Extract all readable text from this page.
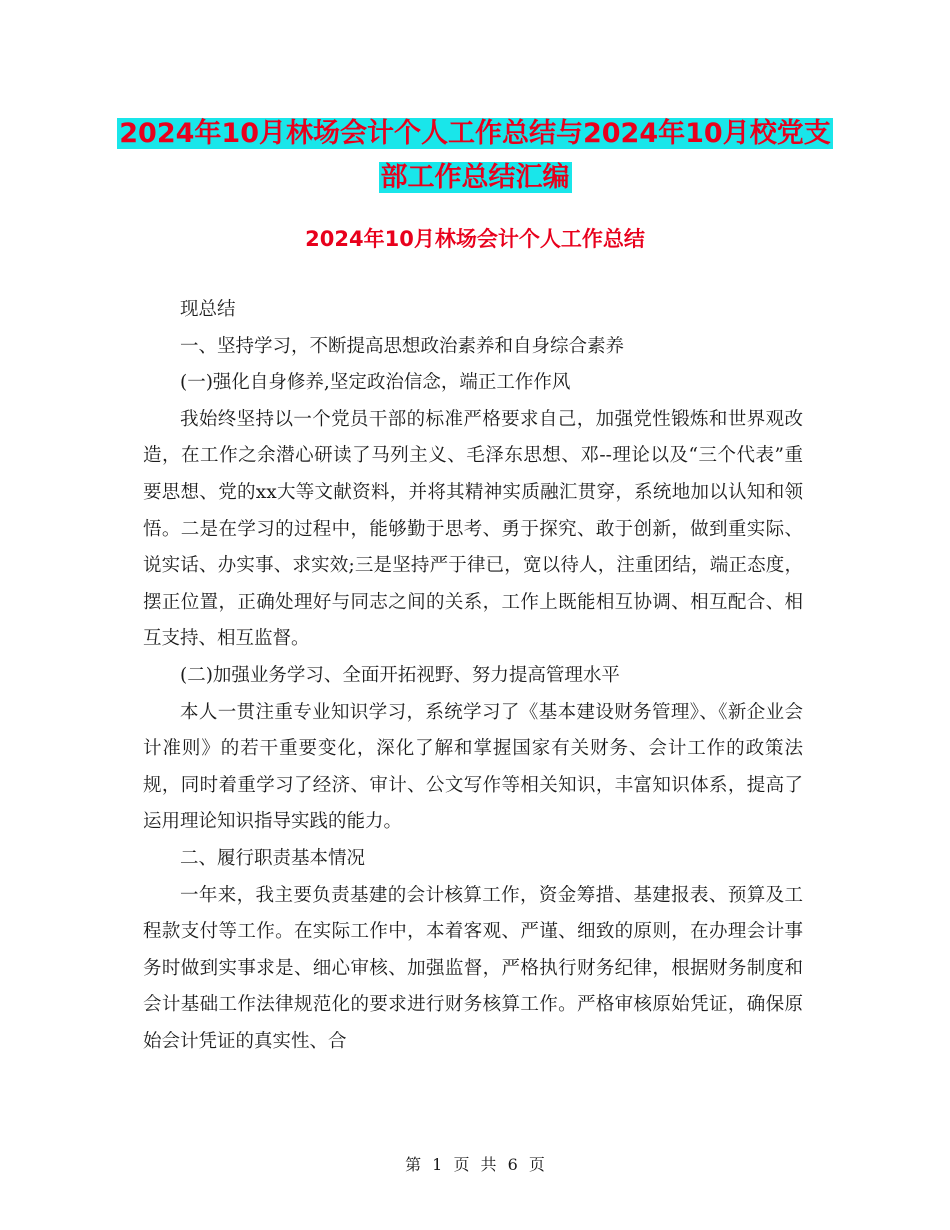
2024年10月林场会计个人工作总结与2024年10月校党支部工作总结汇编
2024年10月林场会计个人工作总结

现总结

一、坚持学习，不断提高思想政治素养和自身综合素养

(一)强化自身修养,坚定政治信念，端正工作作风

我始终坚持以一个党员干部的标准严格要求自己，加强党性锻炼和世界观改造，在工作之余潜心研读了马列主义、毛泽东思想、邓--理论以及“三个代表”重要思想、党的xx大等文献资料，并将其精神实质融汇贯穿，系统地加以认知和领悟。二是在学习的过程中，能够勤于思考、勇于探究、敢于创新，做到重实际、说实话、办实事、求实效;三是坚持严于律已，宽以待人，注重团结，端正态度，摆正位置，正确处理好与同志之间的关系，工作上既能相互协调、相互配合、相互支持、相互监督。

(二)加强业务学习、全面开拓视野、努力提高管理水平

本人一贯注重专业知识学习，系统学习了《基本建设财务管理》、《新企业会计准则》的若干重要变化，深化了解和掌握国家有关财务、会计工作的政策法规，同时着重学习了经济、审计、公文写作等相关知识，丰富知识体系，提高了运用理论知识指导实践的能力。

二、履行职责基本情况

一年来，我主要负责基建的会计核算工作，资金筹措、基建报表、预算及工程款支付等工作。在实际工作中，本着客观、严谨、细致的原则，在办理会计事务时做到实事求是、细心审核、加强监督，严格执行财务纪律，根据财务制度和会计基础工作法律规范化的要求进行财务核算工作。严格审核原始凭证，确保原始会计凭证的真实性、合

第 1 页 共 6 页
